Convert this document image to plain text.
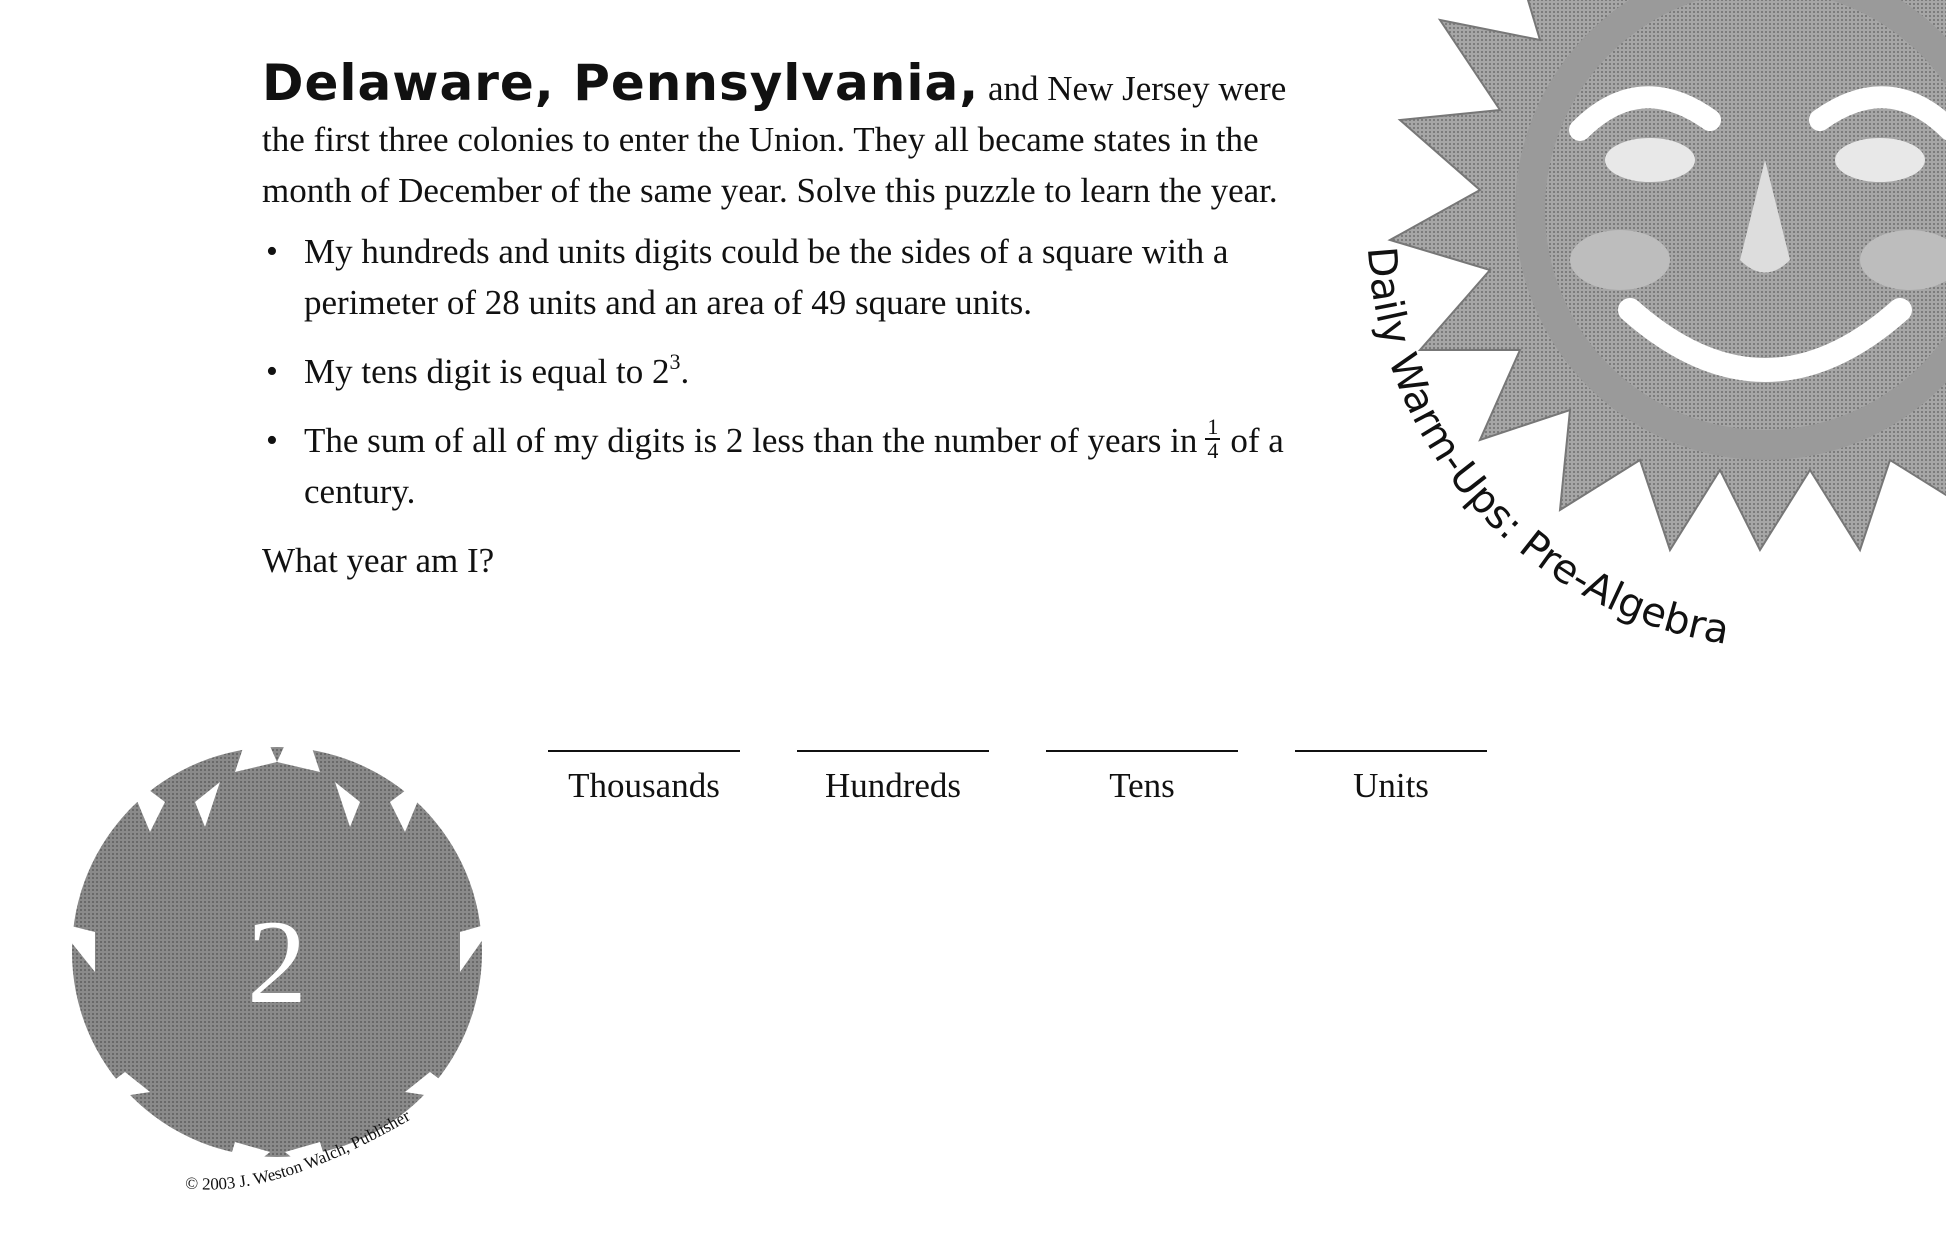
Daily Warm-Ups: Pre-Algebra

Delaware, Pennsylvania, and New Jersey were the first three colonies to enter the Union. They all became states in the month of December of the same year. Solve this puzzle to learn the year.

• My hundreds and units digits could be the sides of a square with a perimeter of 28 units and an area of 49 square units.
• My tens digit is equal to $2^3$.
• The sum of all of my digits is 2 less than the number of years in $\frac{1}{4}$ of a century.

What year am I?

Thousands	Hundreds	Tens	Units
2
© 2003 J. Weston Walch, Publisher
